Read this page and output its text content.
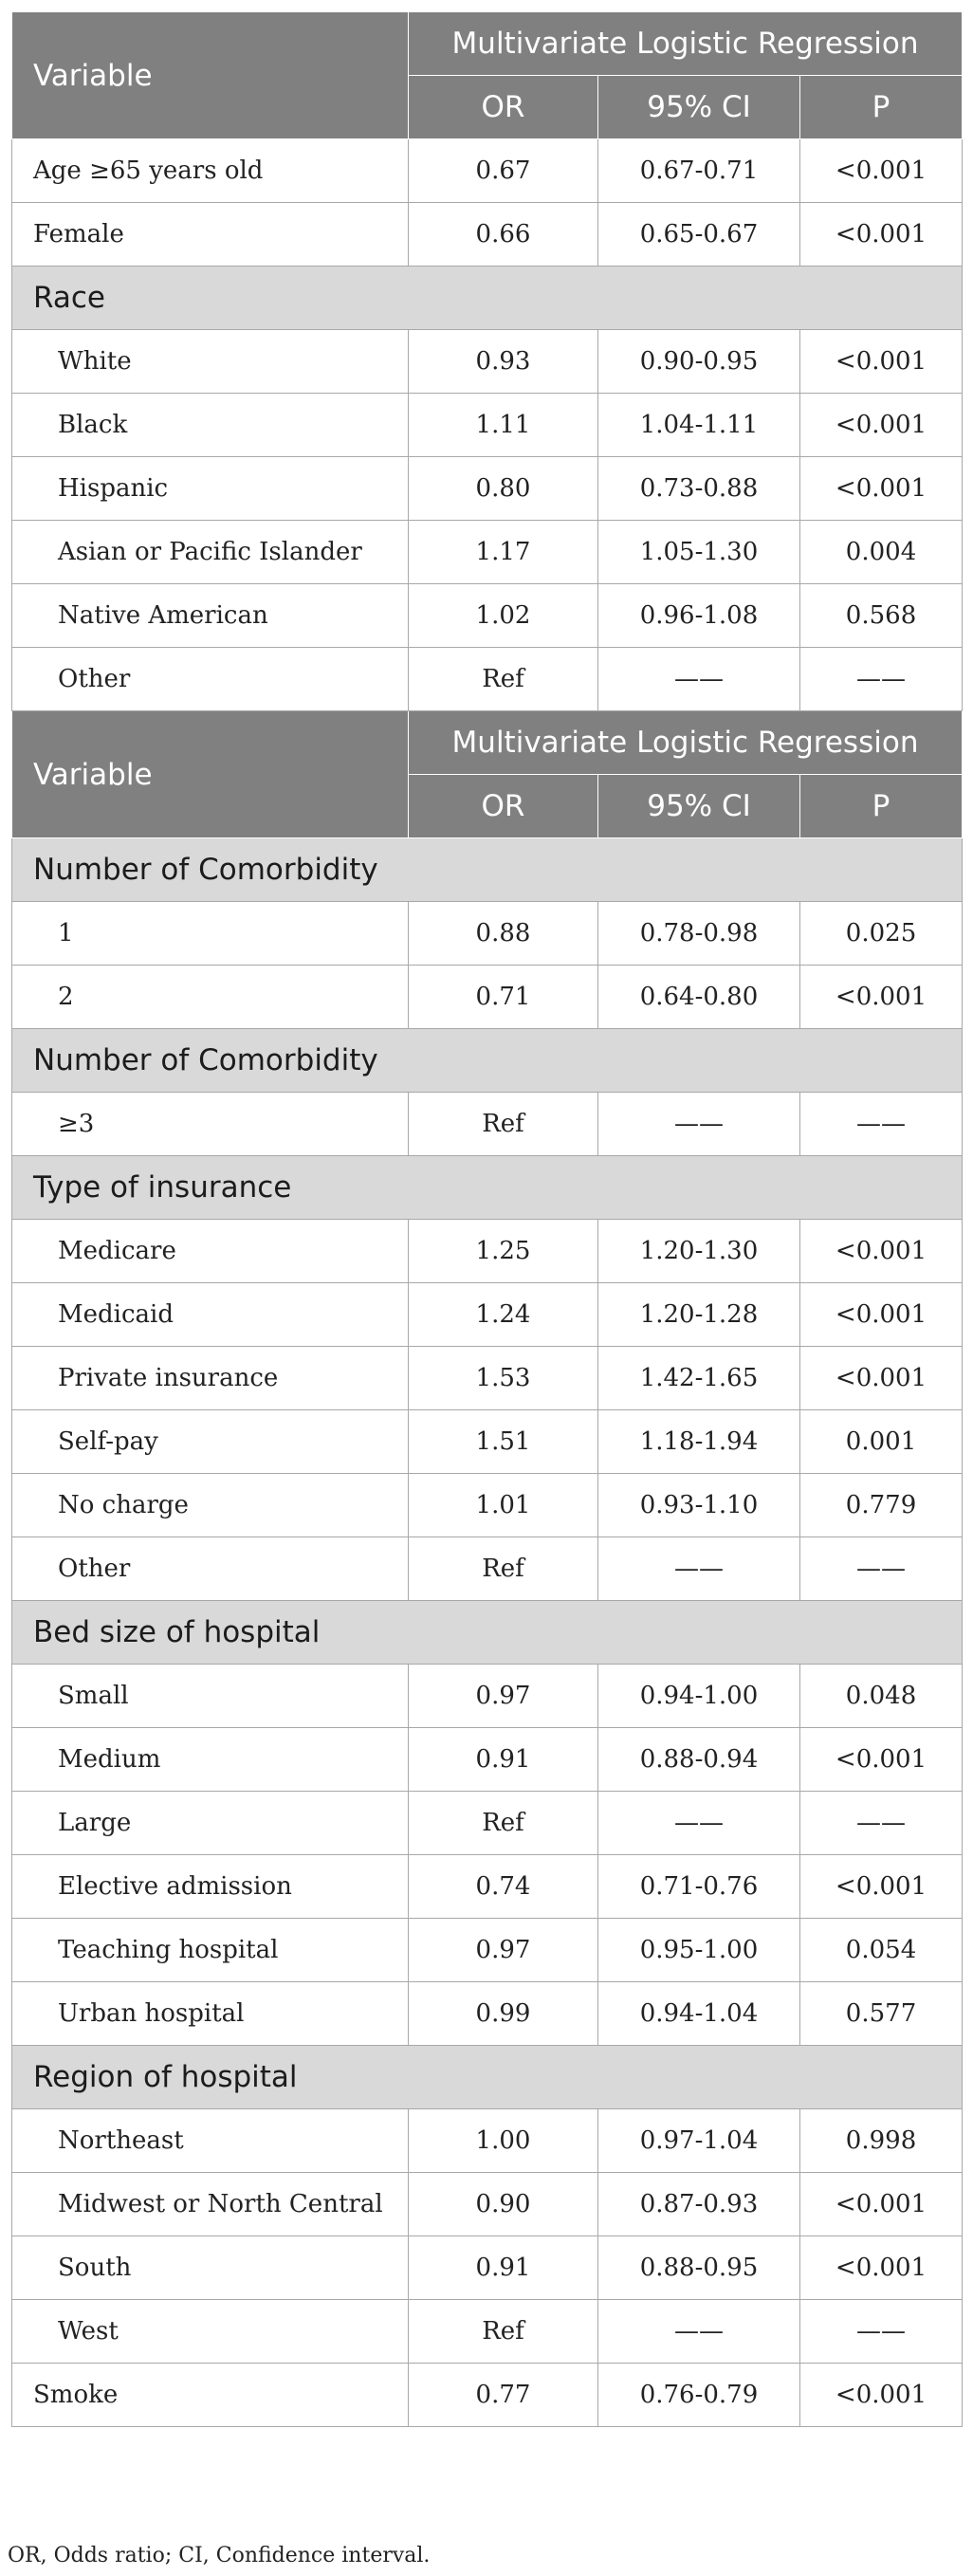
Variable	Multivariate Logistic Regression		
	OR	95% CI	P
Age ≥65 years old	0.67	0.67-0.71	<0.001
Female	0.66	0.65-0.67	<0.001
Race			
White	0.93	0.90-0.95	<0.001
Black	1.11	1.04-1.11	<0.001
Hispanic	0.80	0.73-0.88	<0.001
Asian or Pacific Islander	1.17	1.05-1.30	0.004
Native American	1.02	0.96-1.08	0.568
Other	Ref	——	——
Variable	Multivariate Logistic Regression		
	OR	95% CI	P
Number of Comorbidity			
1	0.88	0.78-0.98	0.025
2	0.71	0.64-0.80	<0.001
Number of Comorbidity			
≥3	Ref	——	——
Type of insurance			
Medicare	1.25	1.20-1.30	<0.001
Medicaid	1.24	1.20-1.28	<0.001
Private insurance	1.53	1.42-1.65	<0.001
Self-pay	1.51	1.18-1.94	0.001
No charge	1.01	0.93-1.10	0.779
Other	Ref	——	——
Bed size of hospital			
Small	0.97	0.94-1.00	0.048
Medium	0.91	0.88-0.94	<0.001
Large	Ref	——	——
Elective admission	0.74	0.71-0.76	<0.001
Teaching hospital	0.97	0.95-1.00	0.054
Urban hospital	0.99	0.94-1.04	0.577
Region of hospital			
Northeast	1.00	0.97-1.04	0.998
Midwest or North Central	0.90	0.87-0.93	<0.001
South	0.91	0.88-0.95	<0.001
West	Ref	——	——
Smoke	0.77	0.76-0.79	<0.001

OR, Odds ratio; CI, Confidence interval.
